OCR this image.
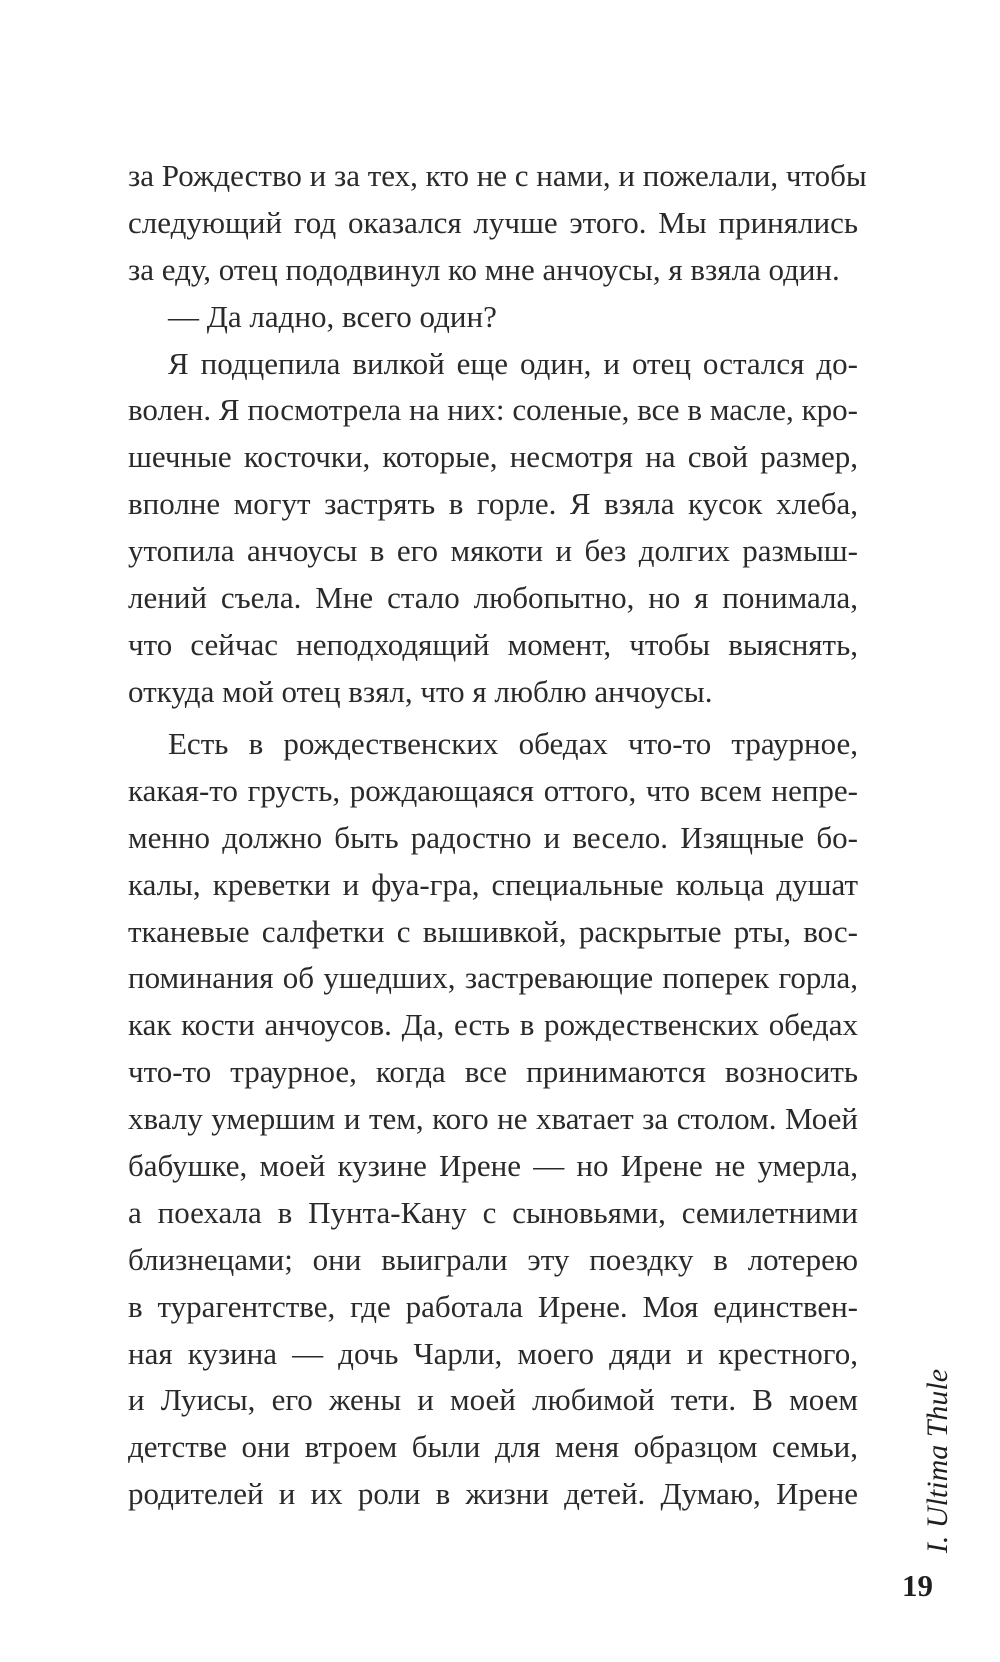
за Рождество и за тех, кто не с нами, и пожелали, чтобы
следующий год оказался лучше этого. Мы принялись
за еду, отец пододвинул ко мне анчоусы, я взяла один.
— Да ладно, всего один?
Я подцепила вилкой еще один, и отец остался до-
волен. Я посмотрела на них: соленые, все в масле, кро-
шечные косточки, которые, несмотря на свой размер,
вполне могут застрять в горле. Я взяла кусок хлеба,
утопила анчоусы в его мякоти и без долгих размыш-
лений съела. Мне стало любопытно, но я понимала,
что сейчас неподходящий момент, чтобы выяснять,
откуда мой отец взял, что я люблю анчоусы.
Есть в рождественских обедах что-то траурное,
какая-то грусть, рождающаяся оттого, что всем непре-
менно должно быть радостно и весело. Изящные бо-
калы, креветки и фуа-гра, специальные кольца душат
тканевые салфетки с вышивкой, раскрытые рты, вос-
поминания об ушедших, застревающие поперек горла,
как кости анчоусов. Да, есть в рождественских обедах
что-то траурное, когда все принимаются возносить
хвалу умершим и тем, кого не хватает за столом. Моей
бабушке, моей кузине Ирене — но Ирене не умерла,
а поехала в Пунта-Кану с сыновьями, семилетними
близнецами; они выиграли эту поездку в лотерею
в турагентстве, где работала Ирене. Моя единствен-
ная кузина — дочь Чарли, моего дяди и крестного,
и Луисы, его жены и моей любимой тети. В моем
детстве они втроем были для меня образцом семьи,
родителей и их роли в жизни детей. Думаю, Ирене I. Ultima Thule
19
